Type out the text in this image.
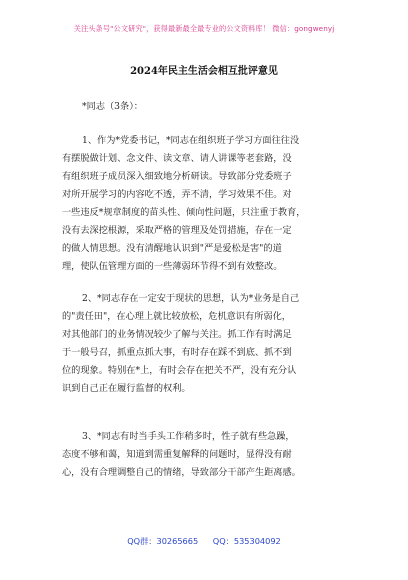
关注头条号"公文研究"，获得最新最全最专业的公文资料库！ 微信：gongwenyj
2024年民主生活会相互批评意见
*同志（3条）：
1、作为*党委书记，*同志在组织班子学习方面往往没
有摆脱做计划、念文件、读文章、请人讲课等老套路，没
有组织班子成员深入细致地分析研读。导致部分党委班子
对所开展学习的内容吃不透，弄不清，学习效果不佳。对
一些违反*规章制度的苗头性、倾向性问题，只注重于教育，
没有去深挖根源，采取严格的管理及处罚措施，存在一定
的做人情思想。没有清醒地认识到"严是爱松是害"的道
理，使队伍管理方面的一些薄弱环节得不到有效整改。
2、*同志存在一定安于现状的思想，认为*业务是自己
的"责任田"，在心理上就比较放松，危机意识有所弱化，
对其他部门的业务情况较少了解与关注。抓工作有时满足
于一般号召，抓重点抓大事，有时存在踩不到底、抓不到
位的现象。特别在*上，有时会存在把关不严，没有充分认
识到自己正在履行监督的权利。
3、*同志有时当手头工作稍多时，性子就有些急躁，
态度不够和蔼，知道到需重复解释的问题时，显得没有耐
心，没有合理调整自己的情绪，导致部分干部产生距离感。
QQ群：30265665 QQ：535304092
